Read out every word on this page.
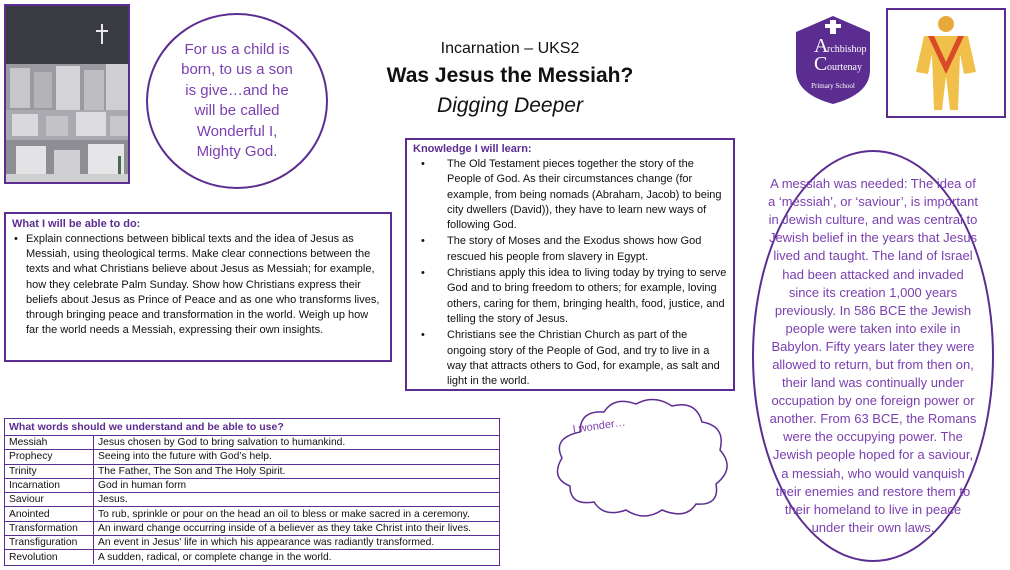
For us a child is born, to us a son is give…and he will be called Wonderful I, Mighty God.
Incarnation – UKS2
Was Jesus the Messiah?
Digging Deeper
A
rchbishop
C ourtenay
Primary School
What I will be able to do:
• Explain connections between biblical texts and the idea of Jesus as Messiah, using theological terms. Make clear connections between the texts and what Christians believe about Jesus as Messiah; for example, how they celebrate Palm Sunday. Show how Christians express their beliefs about Jesus as Prince of Peace and as one who transforms lives, through bringing peace and transformation in the world. Weigh up how far the world needs a Messiah, expressing their own insights.
Knowledge I will learn:
• The Old Testament pieces together the story of the People of God. As their circumstances change (for example, from being nomads (Abraham, Jacob) to being city dwellers (David)), they have to learn new ways of following God.
• The story of Moses and the Exodus shows how God rescued his people from slavery in Egypt.
• Christians apply this idea to living today by trying to serve God and to bring freedom to others; for example, loving others, caring for them, bringing health, food, justice, and telling the story of Jesus.
• Christians see the Christian Church as part of the ongoing story of the People of God, and try to live in a way that attracts others to God, for example, as salt and light in the world.
A messiah was needed: The idea of a ‘messiah’, or ‘saviour’, is important in Jewish culture, and was central to Jewish belief in the years that Jesus lived and taught. The land of Israel had been attacked and invaded since its creation 1,000 years previously. In 586 BCE the Jewish people were taken into exile in Babylon. Fifty years later they were allowed to return, but from then on, their land was continually under occupation by one foreign power or another. From 63 BCE, the Romans were the occupying power. The Jewish people hoped for a saviour, a messiah, who would vanquish their enemies and restore them to their homeland to live in peace under their own laws.
I wonder…
What words should we understand and be able to use?
Messiah	Jesus chosen by God to bring salvation to humankind.
Prophecy	Seeing into the future with God’s help.
Trinity	The Father, The Son and The Holy Spirit.
Incarnation	God in human form
Saviour	Jesus.
Anointed	To rub, sprinkle or pour on the head an oil to bless or make sacred in a ceremony.
Transformation	An inward change occurring inside of a believer as they take Christ into their lives.
Transfiguration	An event in Jesus' life in which his appearance was radiantly transformed.
Revolution	A sudden, radical, or complete change in the world.
